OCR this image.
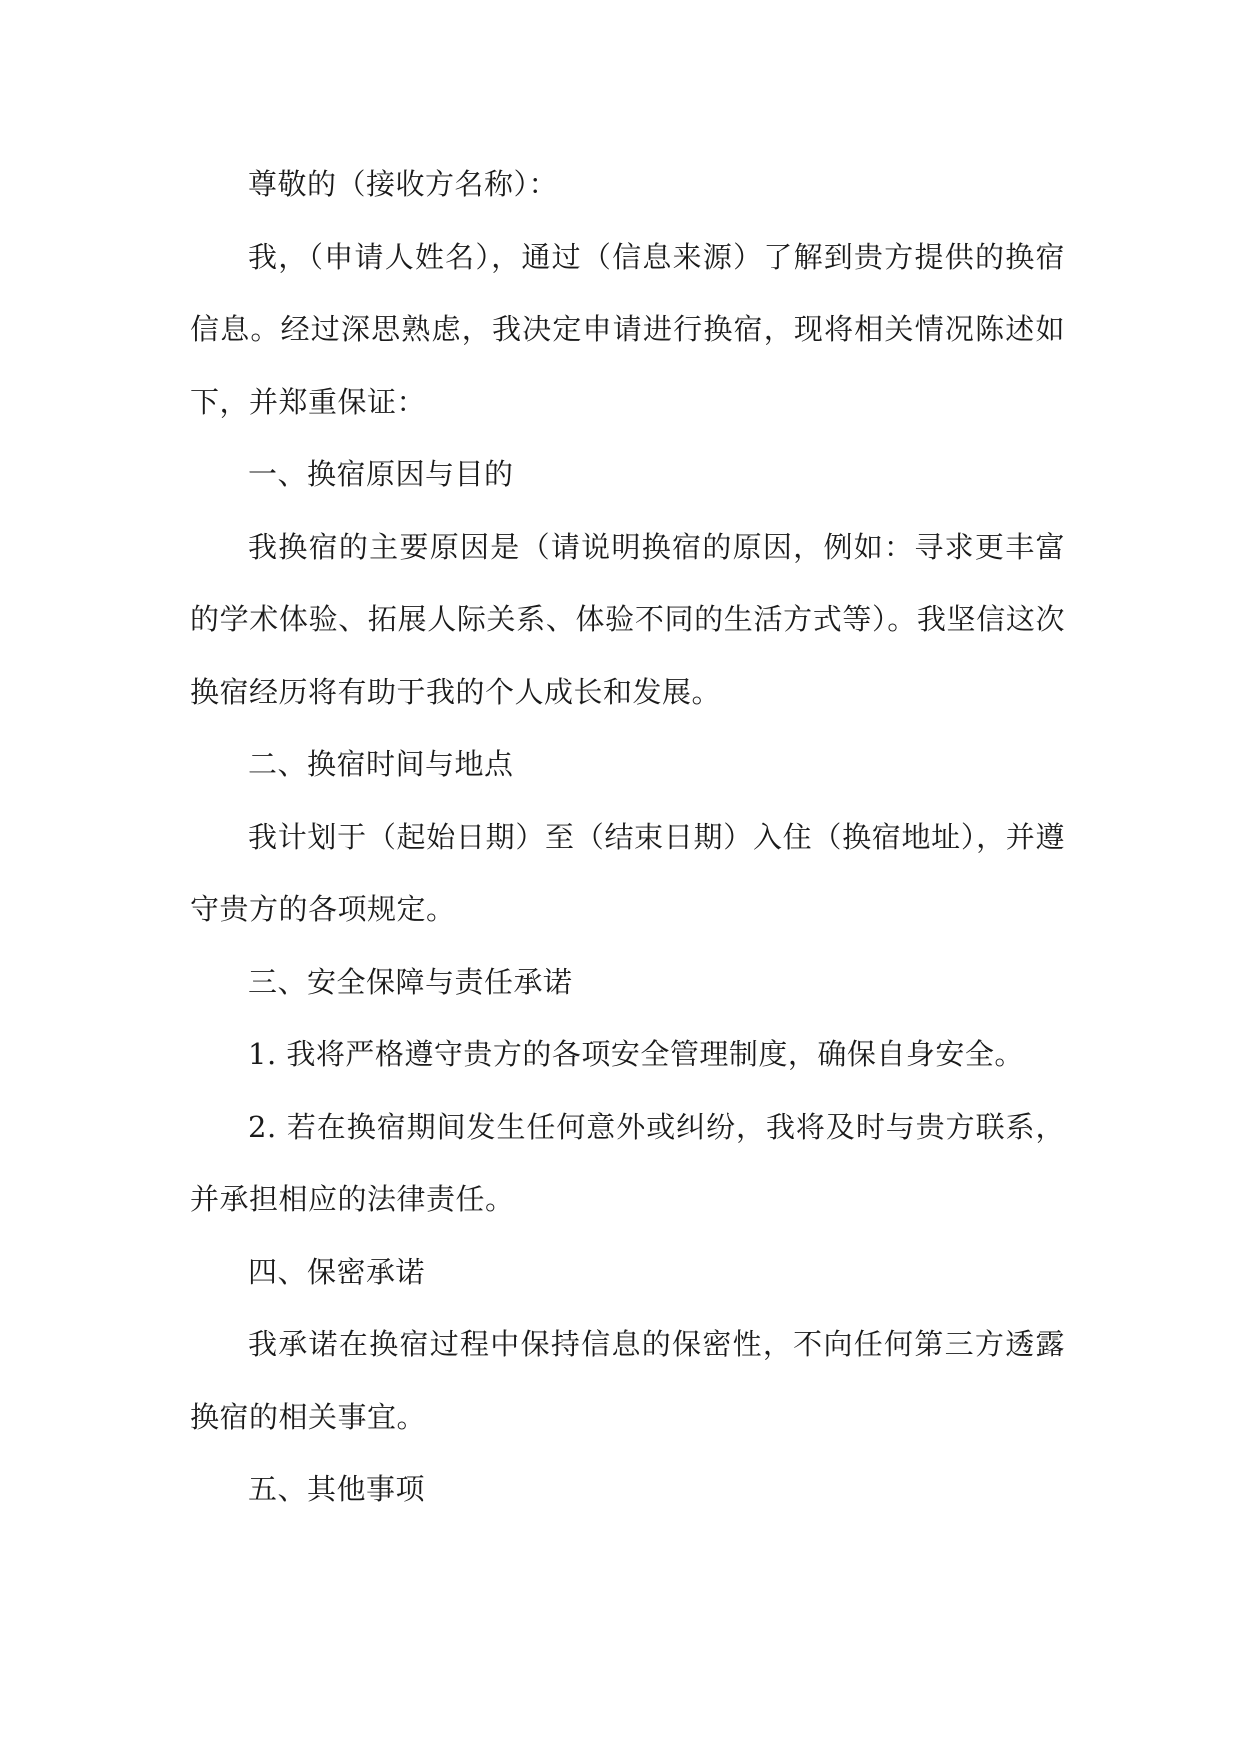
尊敬的（接收方名称）：

我，（申请人姓名），通过（信息来源）了解到贵方提供的换宿信息。经过深思熟虑，我决定申请进行换宿，现将相关情况陈述如下，并郑重保证：

一、换宿原因与目的

我换宿的主要原因是（请说明换宿的原因，例如：寻求更丰富的学术体验、拓展人际关系、体验不同的生活方式等）。我坚信这次换宿经历将有助于我的个人成长和发展。

二、换宿时间与地点

我计划于（起始日期）至（结束日期）入住（换宿地址），并遵守贵方的各项规定。

三、安全保障与责任承诺

1. 我将严格遵守贵方的各项安全管理制度，确保自身安全。

2. 若在换宿期间发生任何意外或纠纷，我将及时与贵方联系，并承担相应的法律责任。

四、保密承诺

我承诺在换宿过程中保持信息的保密性，不向任何第三方透露换宿的相关事宜。

五、其他事项
